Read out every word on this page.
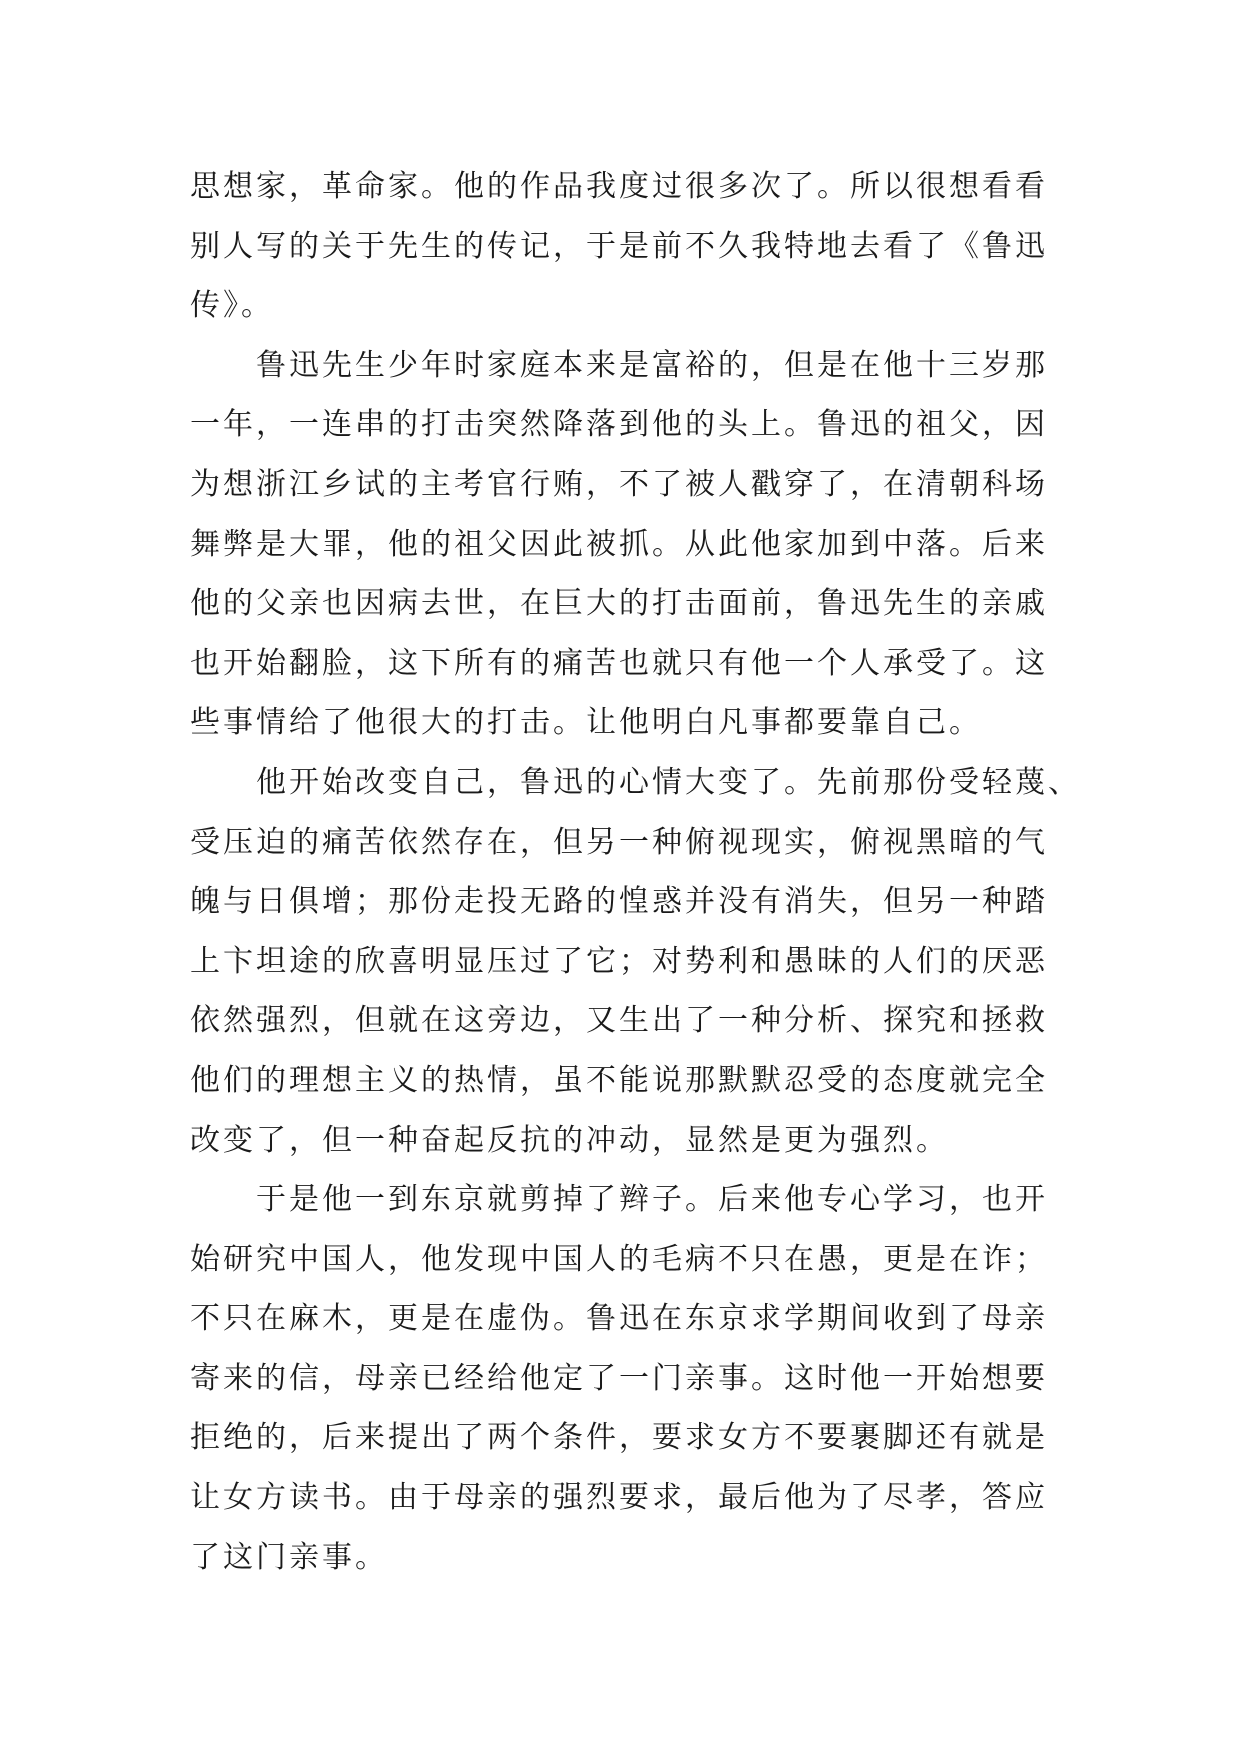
思想家，革命家。他的作品我度过很多次了。所以很想看看
别人写的关于先生的传记，于是前不久我特地去看了《鲁迅
传》。
鲁迅先生少年时家庭本来是富裕的，但是在他十三岁那
一年，一连串的打击突然降落到他的头上。鲁迅的祖父，因
为想浙江乡试的主考官行贿，不了被人戳穿了，在清朝科场
舞弊是大罪，他的祖父因此被抓。从此他家加到中落。后来
他的父亲也因病去世，在巨大的打击面前，鲁迅先生的亲戚
也开始翻脸，这下所有的痛苦也就只有他一个人承受了。这
些事情给了他很大的打击。让他明白凡事都要靠自己。
他开始改变自己，鲁迅的心情大变了。先前那份受轻蔑、
受压迫的痛苦依然存在，但另一种俯视现实，俯视黑暗的气
魄与日俱增；那份走投无路的惶惑并没有消失，但另一种踏
上卞坦途的欣喜明显压过了它；对势利和愚昧的人们的厌恶
依然强烈，但就在这旁边，又生出了一种分析、探究和拯救
他们的理想主义的热情，虽不能说那默默忍受的态度就完全
改变了，但一种奋起反抗的冲动，显然是更为强烈。
于是他一到东京就剪掉了辫子。后来他专心学习，也开
始研究中国人，他发现中国人的毛病不只在愚，更是在诈；
不只在麻木，更是在虚伪。鲁迅在东京求学期间收到了母亲
寄来的信，母亲已经给他定了一门亲事。这时他一开始想要
拒绝的，后来提出了两个条件，要求女方不要裹脚还有就是
让女方读书。由于母亲的强烈要求，最后他为了尽孝，答应
了这门亲事。
